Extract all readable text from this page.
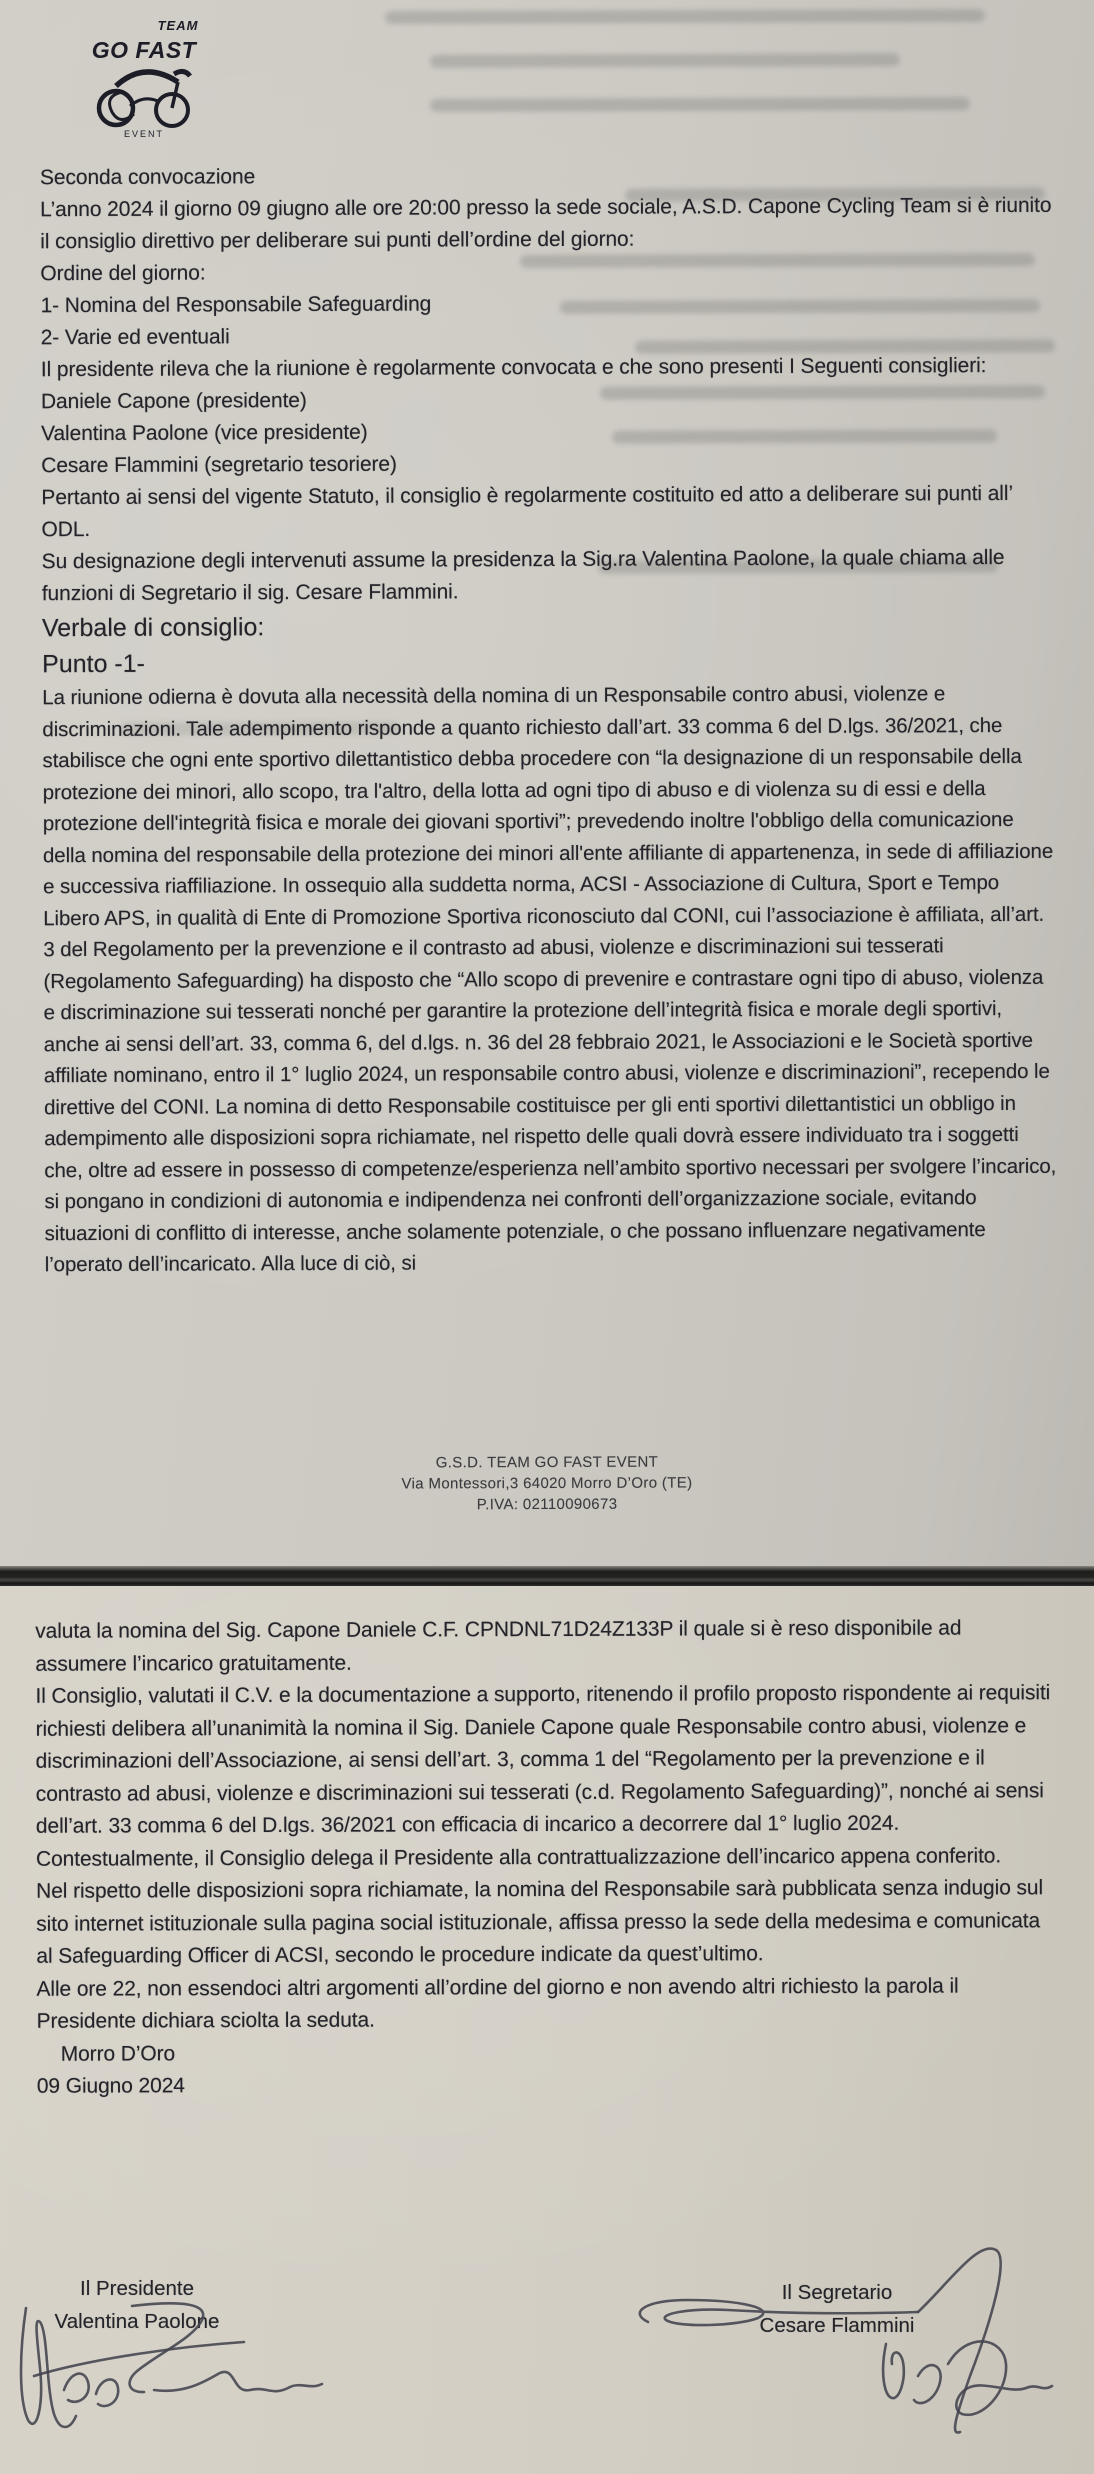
TEAM
GO FAST
EVENT

Seconda convocazione

L’anno 2024 il giorno 09 giugno alle ore 20:00 presso la sede sociale, A.S.D. Capone Cycling Team si è riunito il consiglio direttivo per deliberare sui punti dell’ordine del giorno:

Ordine del giorno:

1- Nomina del Responsabile Safeguarding

2- Varie ed eventuali

Il presidente rileva che la riunione è regolarmente convocata e che sono presenti I Seguenti consiglieri:

Daniele Capone (presidente)

Valentina Paolone (vice presidente)

Cesare Flammini (segretario tesoriere)

Pertanto ai sensi del vigente Statuto, il consiglio è regolarmente costituito ed atto a deliberare sui punti all’ ODL.

Su designazione degli intervenuti assume la presidenza la Sig.ra Valentina Paolone, la quale chiama alle funzioni di Segretario il sig. Cesare Flammini.

Verbale di consiglio:
Punto -1-

La riunione odierna è dovuta alla necessità della nomina di un Responsabile contro abusi, violenze e discriminazioni. Tale adempimento risponde a quanto richiesto dall’art. 33 comma 6 del D.lgs. 36/2021, che stabilisce che ogni ente sportivo dilettantistico debba procedere con “la designazione di un responsabile della protezione dei minori, allo scopo, tra l'altro, della lotta ad ogni tipo di abuso e di violenza su di essi e della protezione dell'integrità fisica e morale dei giovani sportivi”; prevedendo inoltre l'obbligo della comunicazione della nomina del responsabile della protezione dei minori all'ente affiliante di appartenenza, in sede di affiliazione e successiva riaffiliazione. In ossequio alla suddetta norma, ACSI - Associazione di Cultura, Sport e Tempo Libero APS, in qualità di Ente di Promozione Sportiva riconosciuto dal CONI, cui l’associazione è affiliata, all’art. 3 del Regolamento per la prevenzione e il contrasto ad abusi, violenze e discriminazioni sui tesserati (Regolamento Safeguarding) ha disposto che “Allo scopo di prevenire e contrastare ogni tipo di abuso, violenza e discriminazione sui tesserati nonché per garantire la protezione dell’integrità fisica e morale degli sportivi, anche ai sensi dell’art. 33, comma 6, del d.lgs. n. 36 del 28 febbraio 2021, le Associazioni e le Società sportive affiliate nominano, entro il 1° luglio 2024, un responsabile contro abusi, violenze e discriminazioni”, recependo le direttive del CONI. La nomina di detto Responsabile costituisce per gli enti sportivi dilettantistici un obbligo in adempimento alle disposizioni sopra richiamate, nel rispetto delle quali dovrà essere individuato tra i soggetti che, oltre ad essere in possesso di competenze/esperienza nell’ambito sportivo necessari per svolgere l’incarico, si pongano in condizioni di autonomia e indipendenza nei confronti dell’organizzazione sociale, evitando situazioni di conflitto di interesse, anche solamente potenziale, o che possano influenzare negativamente l’operato dell’incaricato. Alla luce di ciò, si

G.S.D. TEAM GO FAST EVENT
Via Montessori,3 64020 Morro D’Oro (TE)
P.IVA: 02110090673

valuta la nomina del Sig. Capone Daniele C.F. CPNDNL71D24Z133P il quale si è reso disponibile ad assumere l’incarico gratuitamente.

Il Consiglio, valutati il C.V. e la documentazione a supporto, ritenendo il profilo proposto rispondente ai requisiti richiesti delibera all’unanimità la nomina il Sig. Daniele Capone quale Responsabile contro abusi, violenze e discriminazioni dell’Associazione, ai sensi dell’art. 3, comma 1 del “Regolamento per la prevenzione e il contrasto ad abusi, violenze e discriminazioni sui tesserati (c.d. Regolamento Safeguarding)”, nonché ai sensi dell’art. 33 comma 6 del D.lgs. 36/2021 con efficacia di incarico a decorrere dal 1° luglio 2024. Contestualmente, il Consiglio delega il Presidente alla contrattualizzazione dell’incarico appena conferito.

Nel rispetto delle disposizioni sopra richiamate, la nomina del Responsabile sarà pubblicata senza indugio sul sito internet istituzionale sulla pagina social istituzionale, affissa presso la sede della medesima e comunicata al Safeguarding Officer di ACSI, secondo le procedure indicate da quest’ultimo.

Alle ore 22, non essendoci altri argomenti all’ordine del giorno e non avendo altri richiesto la parola il Presidente dichiara sciolta la seduta.

Morro D’Oro

09 Giugno 2024

Il Presidente
Valentina Paolone
Il Segretario
Cesare Flammini
